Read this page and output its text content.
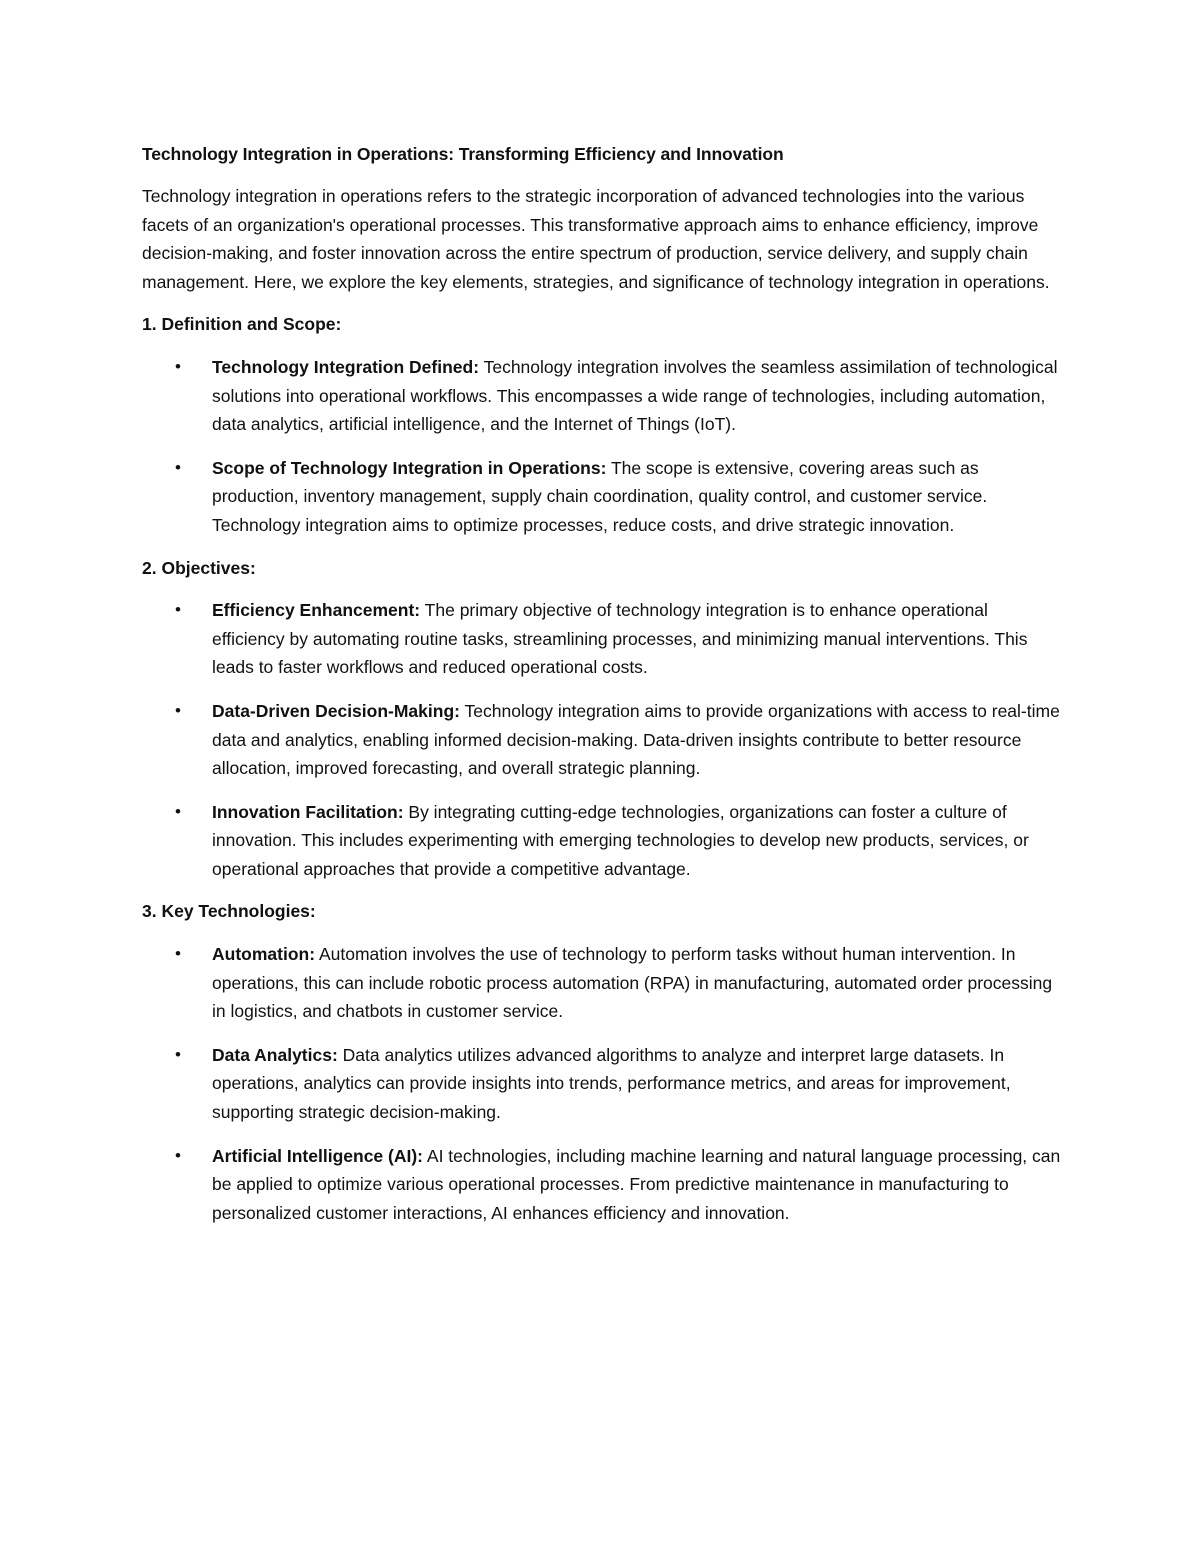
Technology Integration in Operations: Transforming Efficiency and Innovation

Technology integration in operations refers to the strategic incorporation of advanced technologies into the various facets of an organization's operational processes. This transformative approach aims to enhance efficiency, improve decision-making, and foster innovation across the entire spectrum of production, service delivery, and supply chain management. Here, we explore the key elements, strategies, and significance of technology integration in operations.

1. Definition and Scope:
• Technology Integration Defined: Technology integration involves the seamless assimilation of technological solutions into operational workflows. This encompasses a wide range of technologies, including automation, data analytics, artificial intelligence, and the Internet of Things (IoT).
• Scope of Technology Integration in Operations: The scope is extensive, covering areas such as production, inventory management, supply chain coordination, quality control, and customer service. Technology integration aims to optimize processes, reduce costs, and drive strategic innovation.
2. Objectives:
• Efficiency Enhancement: The primary objective of technology integration is to enhance operational efficiency by automating routine tasks, streamlining processes, and minimizing manual interventions. This leads to faster workflows and reduced operational costs.
• Data-Driven Decision-Making: Technology integration aims to provide organizations with access to real-time data and analytics, enabling informed decision-making. Data-driven insights contribute to better resource allocation, improved forecasting, and overall strategic planning.
• Innovation Facilitation: By integrating cutting-edge technologies, organizations can foster a culture of innovation. This includes experimenting with emerging technologies to develop new products, services, or operational approaches that provide a competitive advantage.
3. Key Technologies:
• Automation: Automation involves the use of technology to perform tasks without human intervention. In operations, this can include robotic process automation (RPA) in manufacturing, automated order processing in logistics, and chatbots in customer service.
• Data Analytics: Data analytics utilizes advanced algorithms to analyze and interpret large datasets. In operations, analytics can provide insights into trends, performance metrics, and areas for improvement, supporting strategic decision-making.
• Artificial Intelligence (AI): AI technologies, including machine learning and natural language processing, can be applied to optimize various operational processes. From predictive maintenance in manufacturing to personalized customer interactions, AI enhances efficiency and innovation.
